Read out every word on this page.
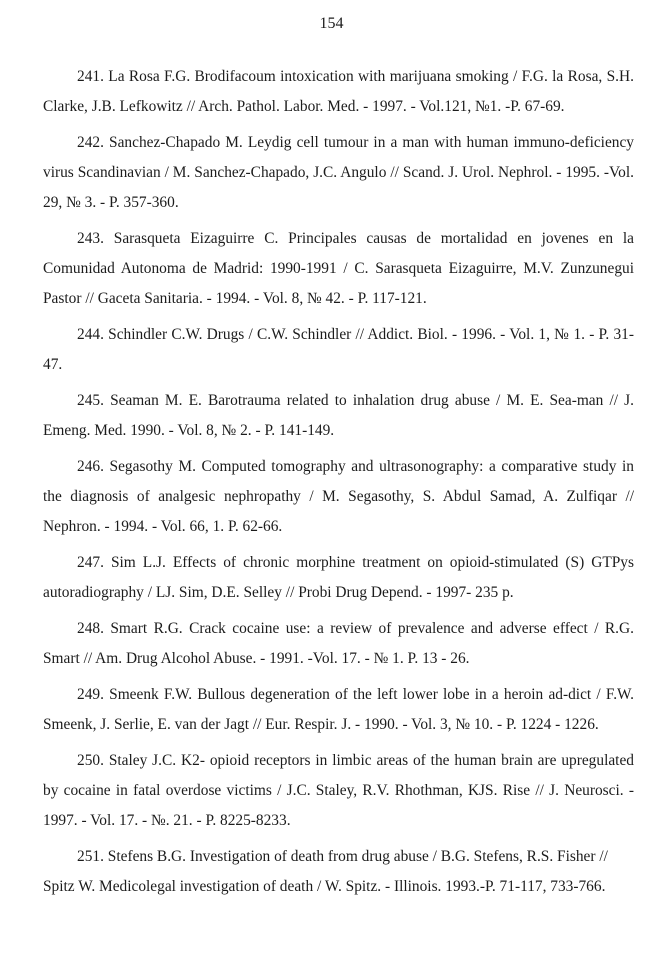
154

241. La Rosa F.G. Brodifacoum intoxication with marijuana smoking / F.G. la Rosa, S.H. Clarke, J.B. Lefkowitz // Arch. Pathol. Labor. Med. - 1997. - Vol.121, №1. -P. 67-69.

242. Sanchez-Chapado M. Leydig cell tumour in a man with human immuno-deficiency virus Scandinavian / M. Sanchez-Chapado, J.C. Angulo // Scand. J. Urol. Nephrol. - 1995. -Vol. 29, № 3. - P. 357-360.

243. Sarasqueta Eizaguirre C. Principales causas de mortalidad en jovenes en la Comunidad Autonoma de Madrid: 1990-1991 / C. Sarasqueta Eizaguirre, M.V. Zunzunegui Pastor // Gaceta Sanitaria. - 1994. - Vol. 8, № 42. - P. 117-121.

244. Schindler C.W. Drugs / C.W. Schindler // Addict. Biol. - 1996. - Vol. 1, № 1. - P. 31-47.

245. Seaman M. E. Barotrauma related to inhalation drug abuse / M. E. Sea-man // J. Emeng. Med. 1990. - Vol. 8, № 2. - P. 141-149.

246. Segasothy M. Computed tomography and ultrasonography: a comparative study in the diagnosis of analgesic nephropathy / M. Segasothy, S. Abdul Samad, A. Zulfiqar // Nephron. - 1994. - Vol. 66, 1. P. 62-66.

247. Sim L.J. Effects of chronic morphine treatment on opioid-stimulated (S) GTPys autoradiography / LJ. Sim, D.E. Selley // Probi Drug Depend. - 1997- 235 p.

248. Smart R.G. Crack cocaine use: a review of prevalence and adverse effect / R.G. Smart // Am. Drug Alcohol Abuse. - 1991. -Vol. 17. - № 1. P. 13 - 26.

249. Smeenk F.W. Bullous degeneration of the left lower lobe in a heroin ad-dict / F.W. Smeenk, J. Serlie, E. van der Jagt // Eur. Respir. J. - 1990. - Vol. 3, № 10. - P. 1224 - 1226.

250. Staley J.C. K2- opioid receptors in limbic areas of the human brain are upregulated by cocaine in fatal overdose victims / J.C. Staley, R.V. Rhothman, KJS. Rise // J. Neurosci. - 1997. - Vol. 17. - №. 21. - P. 8225-8233.

251. Stefens B.G. Investigation of death from drug abuse / B.G. Stefens, R.S. Fisher // Spitz W. Medicolegal investigation of death / W. Spitz. - Illinois. 1993.-P. 71-117, 733-766.
